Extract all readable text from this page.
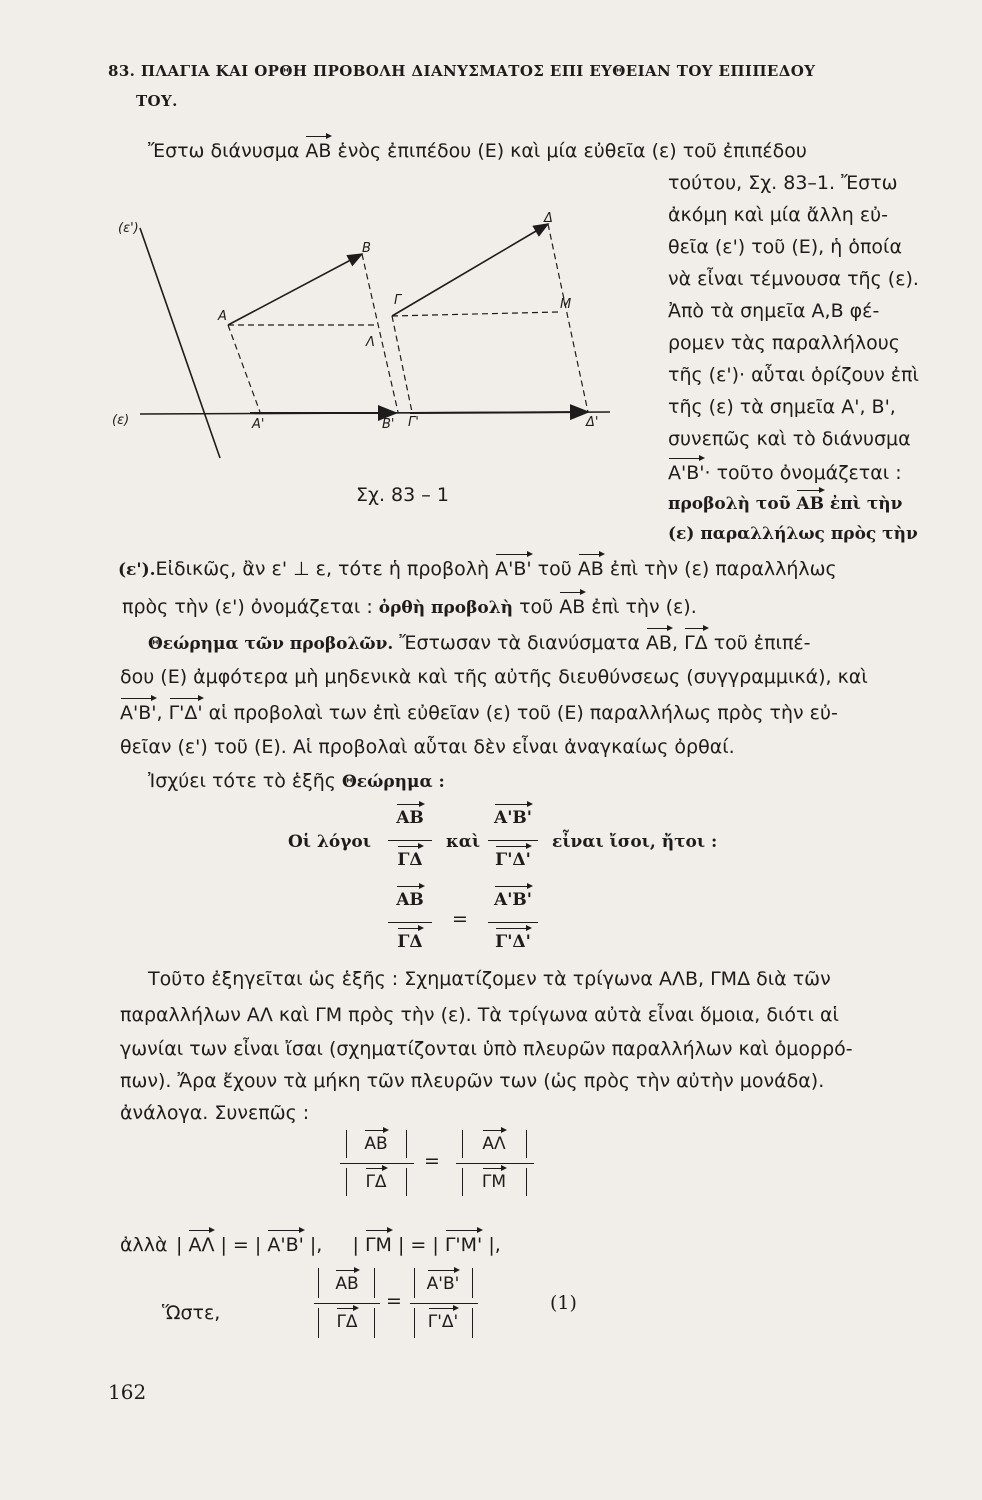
83. ΠΛΑΓΙΑ ΚΑΙ ΟΡΘΗ ΠΡΟΒΟΛΗ ΔΙΑΝΥΣΜΑΤΟΣ ΕΠΙ ΕΥΘΕΙΑΝ ΤΟΥ ΕΠΙΠΕΔΟΥ
ΤΟΥ.
Ἔστω διάνυσμα ΑΒ ἑνὸς ἐπιπέδου (Ε) καὶ μία εὐθεῖα (ε) τοῦ ἐπιπέδου
τούτου, Σχ. 83–1. Ἔστω
ἀκόμη καὶ μία ἄλλη εὐ-
θεῖα (ε') τοῦ (Ε), ἡ ὁποία
νὰ εἶναι τέμνουσα τῆς (ε).
Ἀπὸ τὰ σημεῖα Α,Β φέ-
ρομεν τὰς παραλλήλους
τῆς (ε')· αὗται ὁρίζουν ἐπὶ
τῆς (ε) τὰ σημεῖα Α', Β',
συνεπῶς καὶ τὸ διάνυσμα
Α'Β'· τοῦτο ὀνομάζεται :
προβολὴ τοῦ ΑΒ ἐπὶ τὴν
(ε) παραλλήλως πρὸς τὴν
(ε')
(ε)
Α
Β
Λ
Γ
Δ
Μ
Α'	Β' Γ'	Δ'
Σχ. 83 – 1
(ε').Εἰδικῶς, ἂν ε' ⊥ ε, τότε ἡ προβολὴ Α'Β' τοῦ ΑΒ ἐπὶ τὴν (ε) παραλλήλως
πρὸς τὴν (ε') ὀνομάζεται : ὀρθὴ προβολὴ τοῦ ΑΒ ἐπὶ τὴν (ε).
Θεώρημα τῶν προβολῶν. Ἔστωσαν τὰ διανύσματα ΑΒ, ΓΔ τοῦ ἐπιπέ-
δου (Ε) ἀμφότερα μὴ μηδενικὰ καὶ τῆς αὐτῆς διευθύνσεως (συγγραμμικά), καὶ
Α'Β', Γ'Δ' αἱ προβολαὶ των ἐπὶ εὐθεῖαν (ε) τοῦ (Ε) παραλλήλως πρὸς τὴν εὐ-
θεῖαν (ε') τοῦ (Ε). Αἱ προβολαὶ αὗται δὲν εἶναι ἀναγκαίως ὀρθαί.
Ἰσχύει τότε τὸ ἑξῆς Θεώρημα :
Οἱ λόγοι
ΑΒ
ΓΔ
καὶ
Α'Β'
Γ'Δ'
εἶναι ἴσοι, ἤτοι :
ΑΒ
ΓΔ
=
Α'Β'
Γ'Δ'
Τοῦτο ἐξηγεῖται ὡς ἑξῆς : Σχηματίζομεν τὰ τρίγωνα ΑΛΒ, ΓΜΔ διὰ τῶν
παραλλήλων ΑΛ καὶ ΓΜ πρὸς τὴν (ε). Τὰ τρίγωνα αὐτὰ εἶναι ὅμοια, διότι αἱ
γωνίαι των εἶναι ἴσαι (σχηματίζονται ὑπὸ πλευρῶν παραλλήλων καὶ ὁμορρό-
πων). Ἄρα ἔχουν τὰ μήκη τῶν πλευρῶν των (ὡς πρὸς τὴν αὐτὴν μονάδα).
ἀνάλογα. Συνεπῶς :
ΑΒ
ΓΔ
=
ΑΛ
ΓΜ
ἀλλὰ | ΑΛ | = | Α'Β' |,     | ΓΜ | = | Γ'Μ' |,
Ὥστε,
ΑΒ
ΓΔ
=
Α'Β'
Γ'Δ'
(1)
162
